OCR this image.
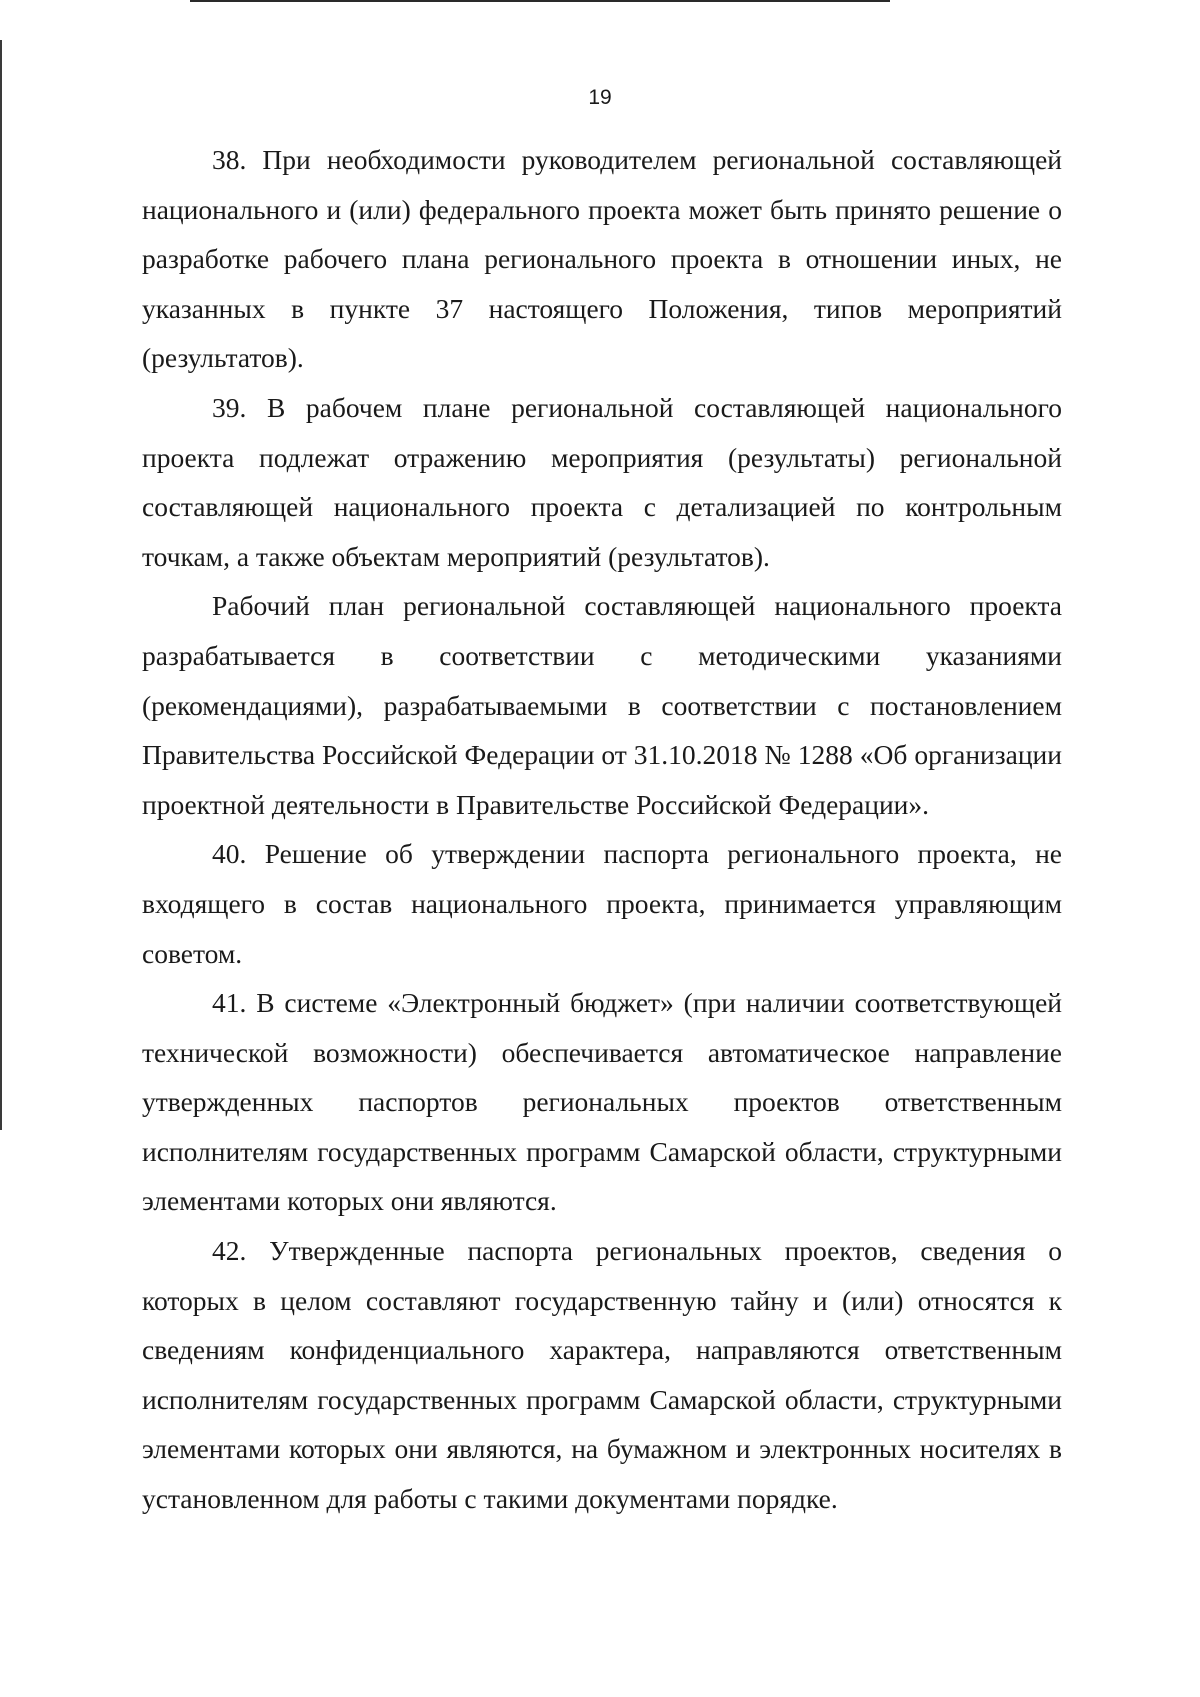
19

38. При необходимости руководителем региональной составляющей национального и (или) федерального проекта может быть принято решение о разработке рабочего плана регионального проекта в отношении иных, не указанных в пункте 37 настоящего Положения, типов мероприятий (результатов).

39. В рабочем плане региональной составляющей национального проекта подлежат отражению мероприятия (результаты) региональной составляющей национального проекта с детализацией по контрольным точкам, а также объектам мероприятий (результатов).

Рабочий план региональной составляющей национального проекта разрабатывается в соответствии с методическими указаниями (рекомендациями), разрабатываемыми в соответствии с постановлением Правительства Российской Федерации от 31.10.2018 № 1288 «Об организации проектной деятельности в Правительстве Российской Федерации».

40. Решение об утверждении паспорта регионального проекта, не входящего в состав национального проекта, принимается управляющим советом.

41. В системе «Электронный бюджет» (при наличии соответствующей технической возможности) обеспечивается автоматическое направление утвержденных паспортов региональных проектов ответственным исполнителям государственных программ Самарской области, структурными элементами которых они являются.

42. Утвержденные паспорта региональных проектов, сведения о которых в целом составляют государственную тайну и (или) относятся к сведениям конфиденциального характера, направляются ответственным исполнителям государственных программ Самарской области, структурными элементами которых они являются, на бумажном и электронных носителях в установленном для работы с такими документами порядке.
